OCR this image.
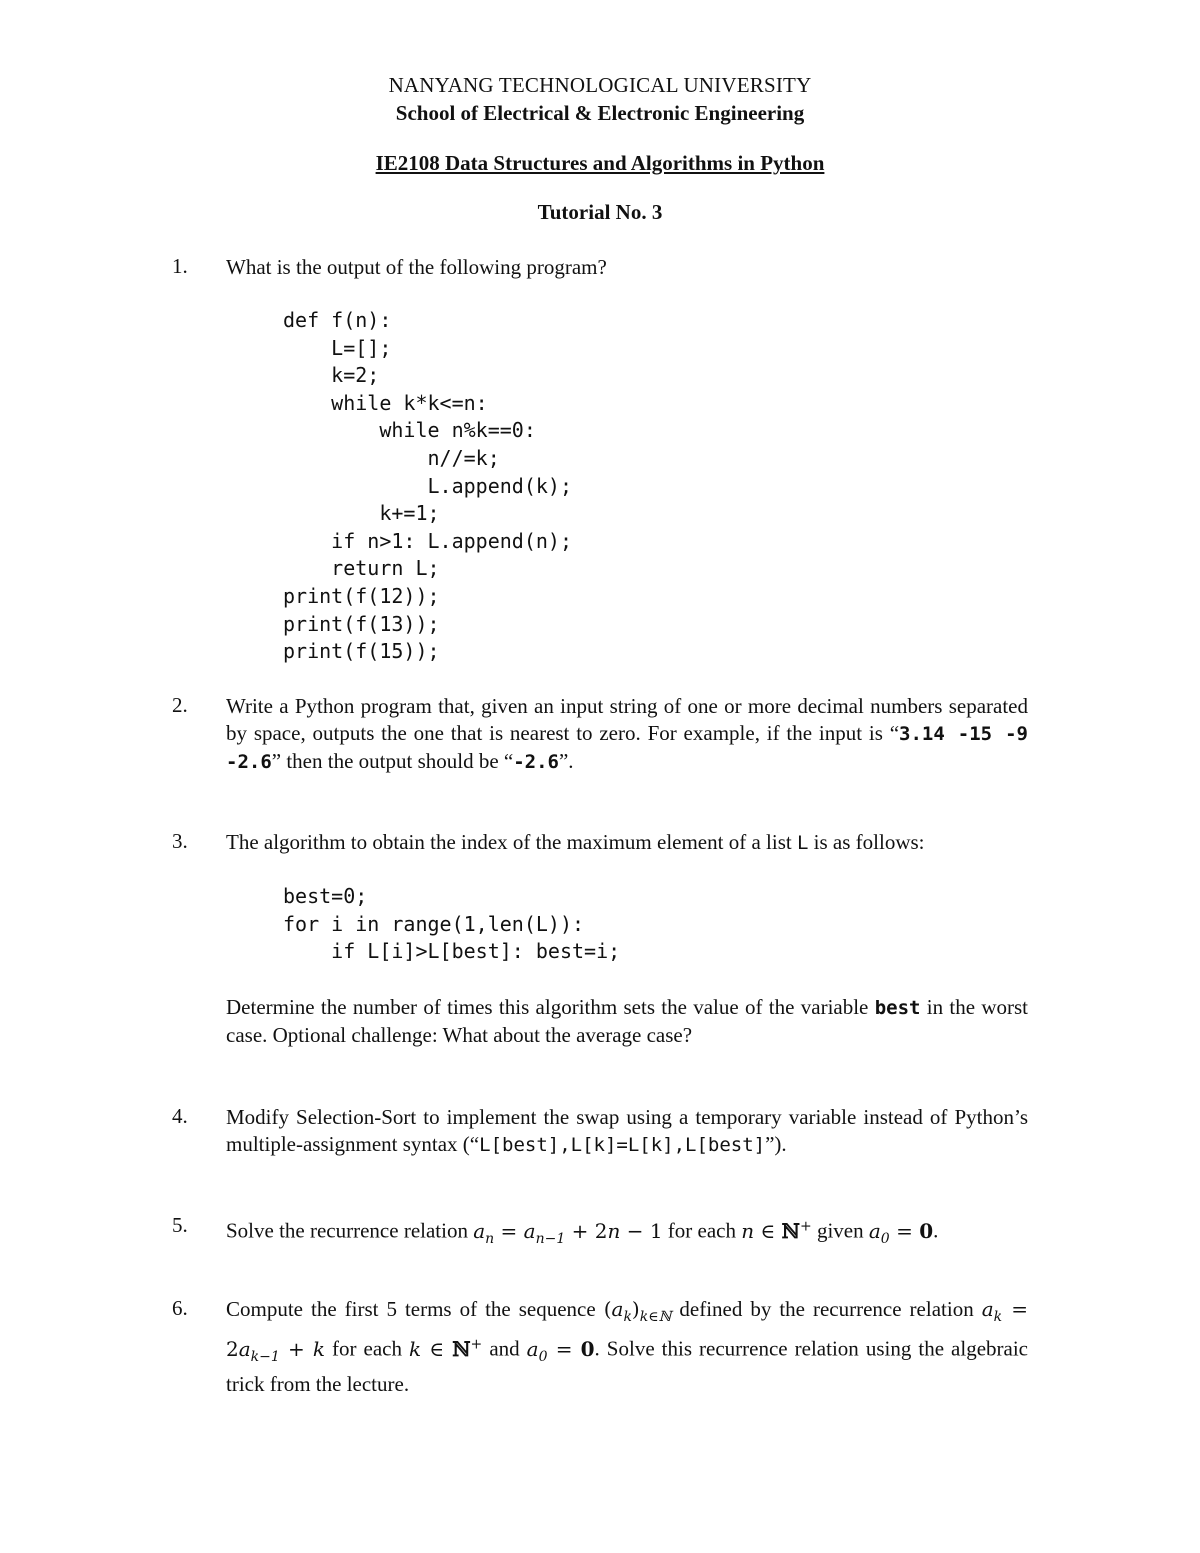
NANYANG TECHNOLOGICAL UNIVERSITY
School of Electrical & Electronic Engineering
IE2108 Data Structures and Algorithms in Python
Tutorial No. 3
1. What is the output of the following program?
def f(n):
L=[];
k=2;
while k*k<=n:
while n%k==0:
n//=k;
L.append(k);
k+=1;
if n>1: L.append(n);
return L;
print(f(12));
print(f(13));
print(f(15));
2. Write a Python program that, given an input string of one or more decimal numbers separated by space, outputs the one that is nearest to zero. For example, if the input is “3.14 -15 -9 -2.6” then the output should be “-2.6”.
3. The algorithm to obtain the index of the maximum element of a list L is as follows:
best=0;
for i in range(1,len(L)):
if L[i]>L[best]: best=i;
Determine the number of times this algorithm sets the value of the variable best in the worst case. Optional challenge: What about the average case?
4. Modify Selection-Sort to implement the swap using a temporary variable instead of Python’s multiple-assignment syntax (“L[best],L[k]=L[k],L[best]”).
5. Solve the recurrence relation $a_n = a_{n-1} + 2n - 1$ for each n ∈ ℕ+ given $a_0 = 0$.
6. Compute the first 5 terms of the sequence $(a_k)_{k\in ℕ}$ defined by the recurrence relation $a_k = 2a_{k-1} + k$ for each k ∈ ℕ+ and $a_0 = 0$. Solve this recurrence relation using the algebraic trick from the lecture.
